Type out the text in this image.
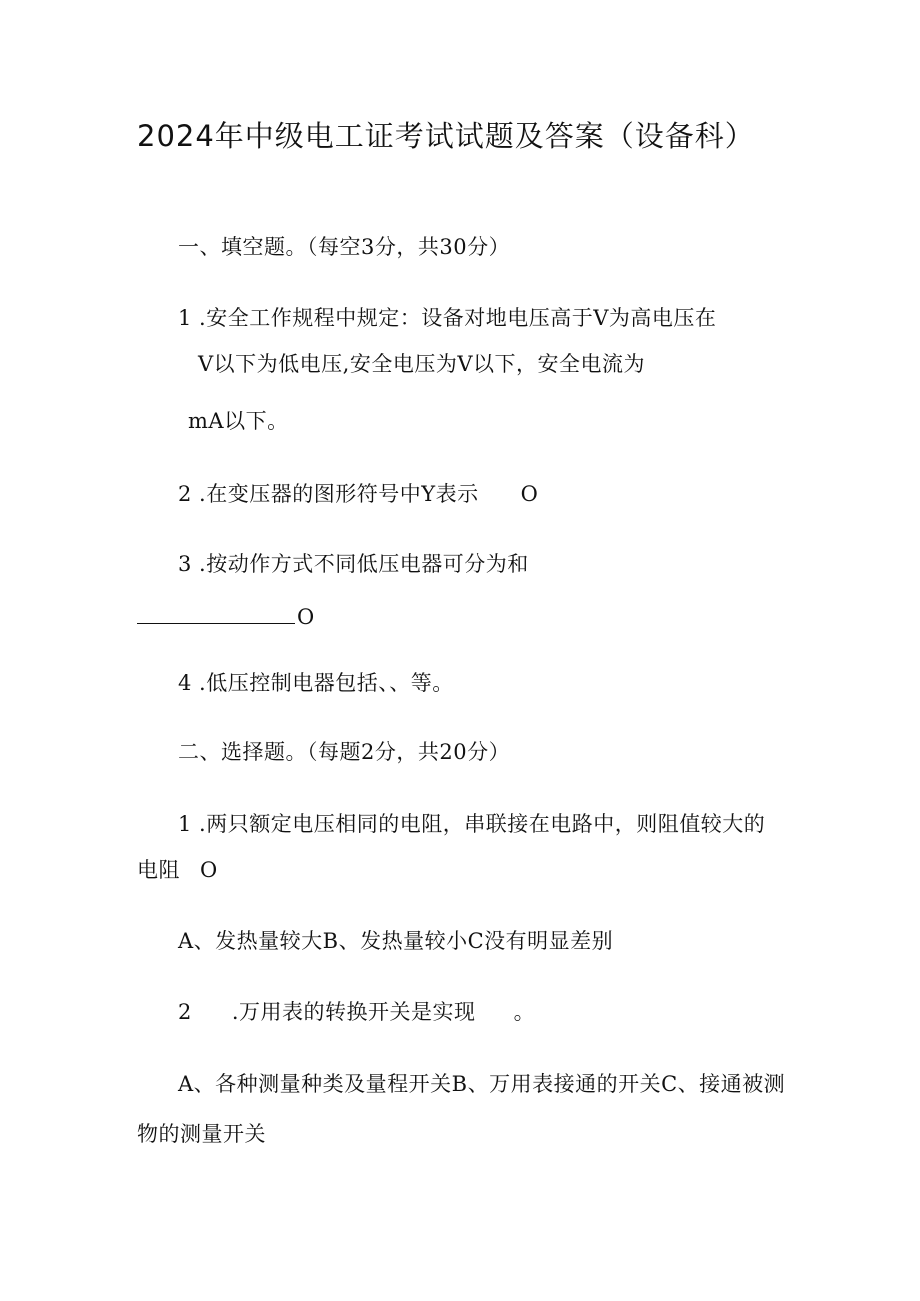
2024年中级电工证考试试题及答案（设备科）
一、填空题。（每空3分，共30分）
1 .安全工作规程中规定：设备对地电压高于V为高电压在
V以下为低电压,安全电压为V以下，安全电流为
mA以下。
2 .在变压器的图形符号中Y表示 O
3 .按动作方式不同低压电器可分为和
O
4 .低压控制电器包括、、等。
二、选择题。（每题2分，共20分）
1 .两只额定电压相同的电阻，串联接在电路中，则阻值较大的
电阻 O
A、发热量较大B、发热量较小C没有明显差别
2 .万用表的转换开关是实现 。
A、各种测量种类及量程开关B、万用表接通的开关C、接通被测
物的测量开关
